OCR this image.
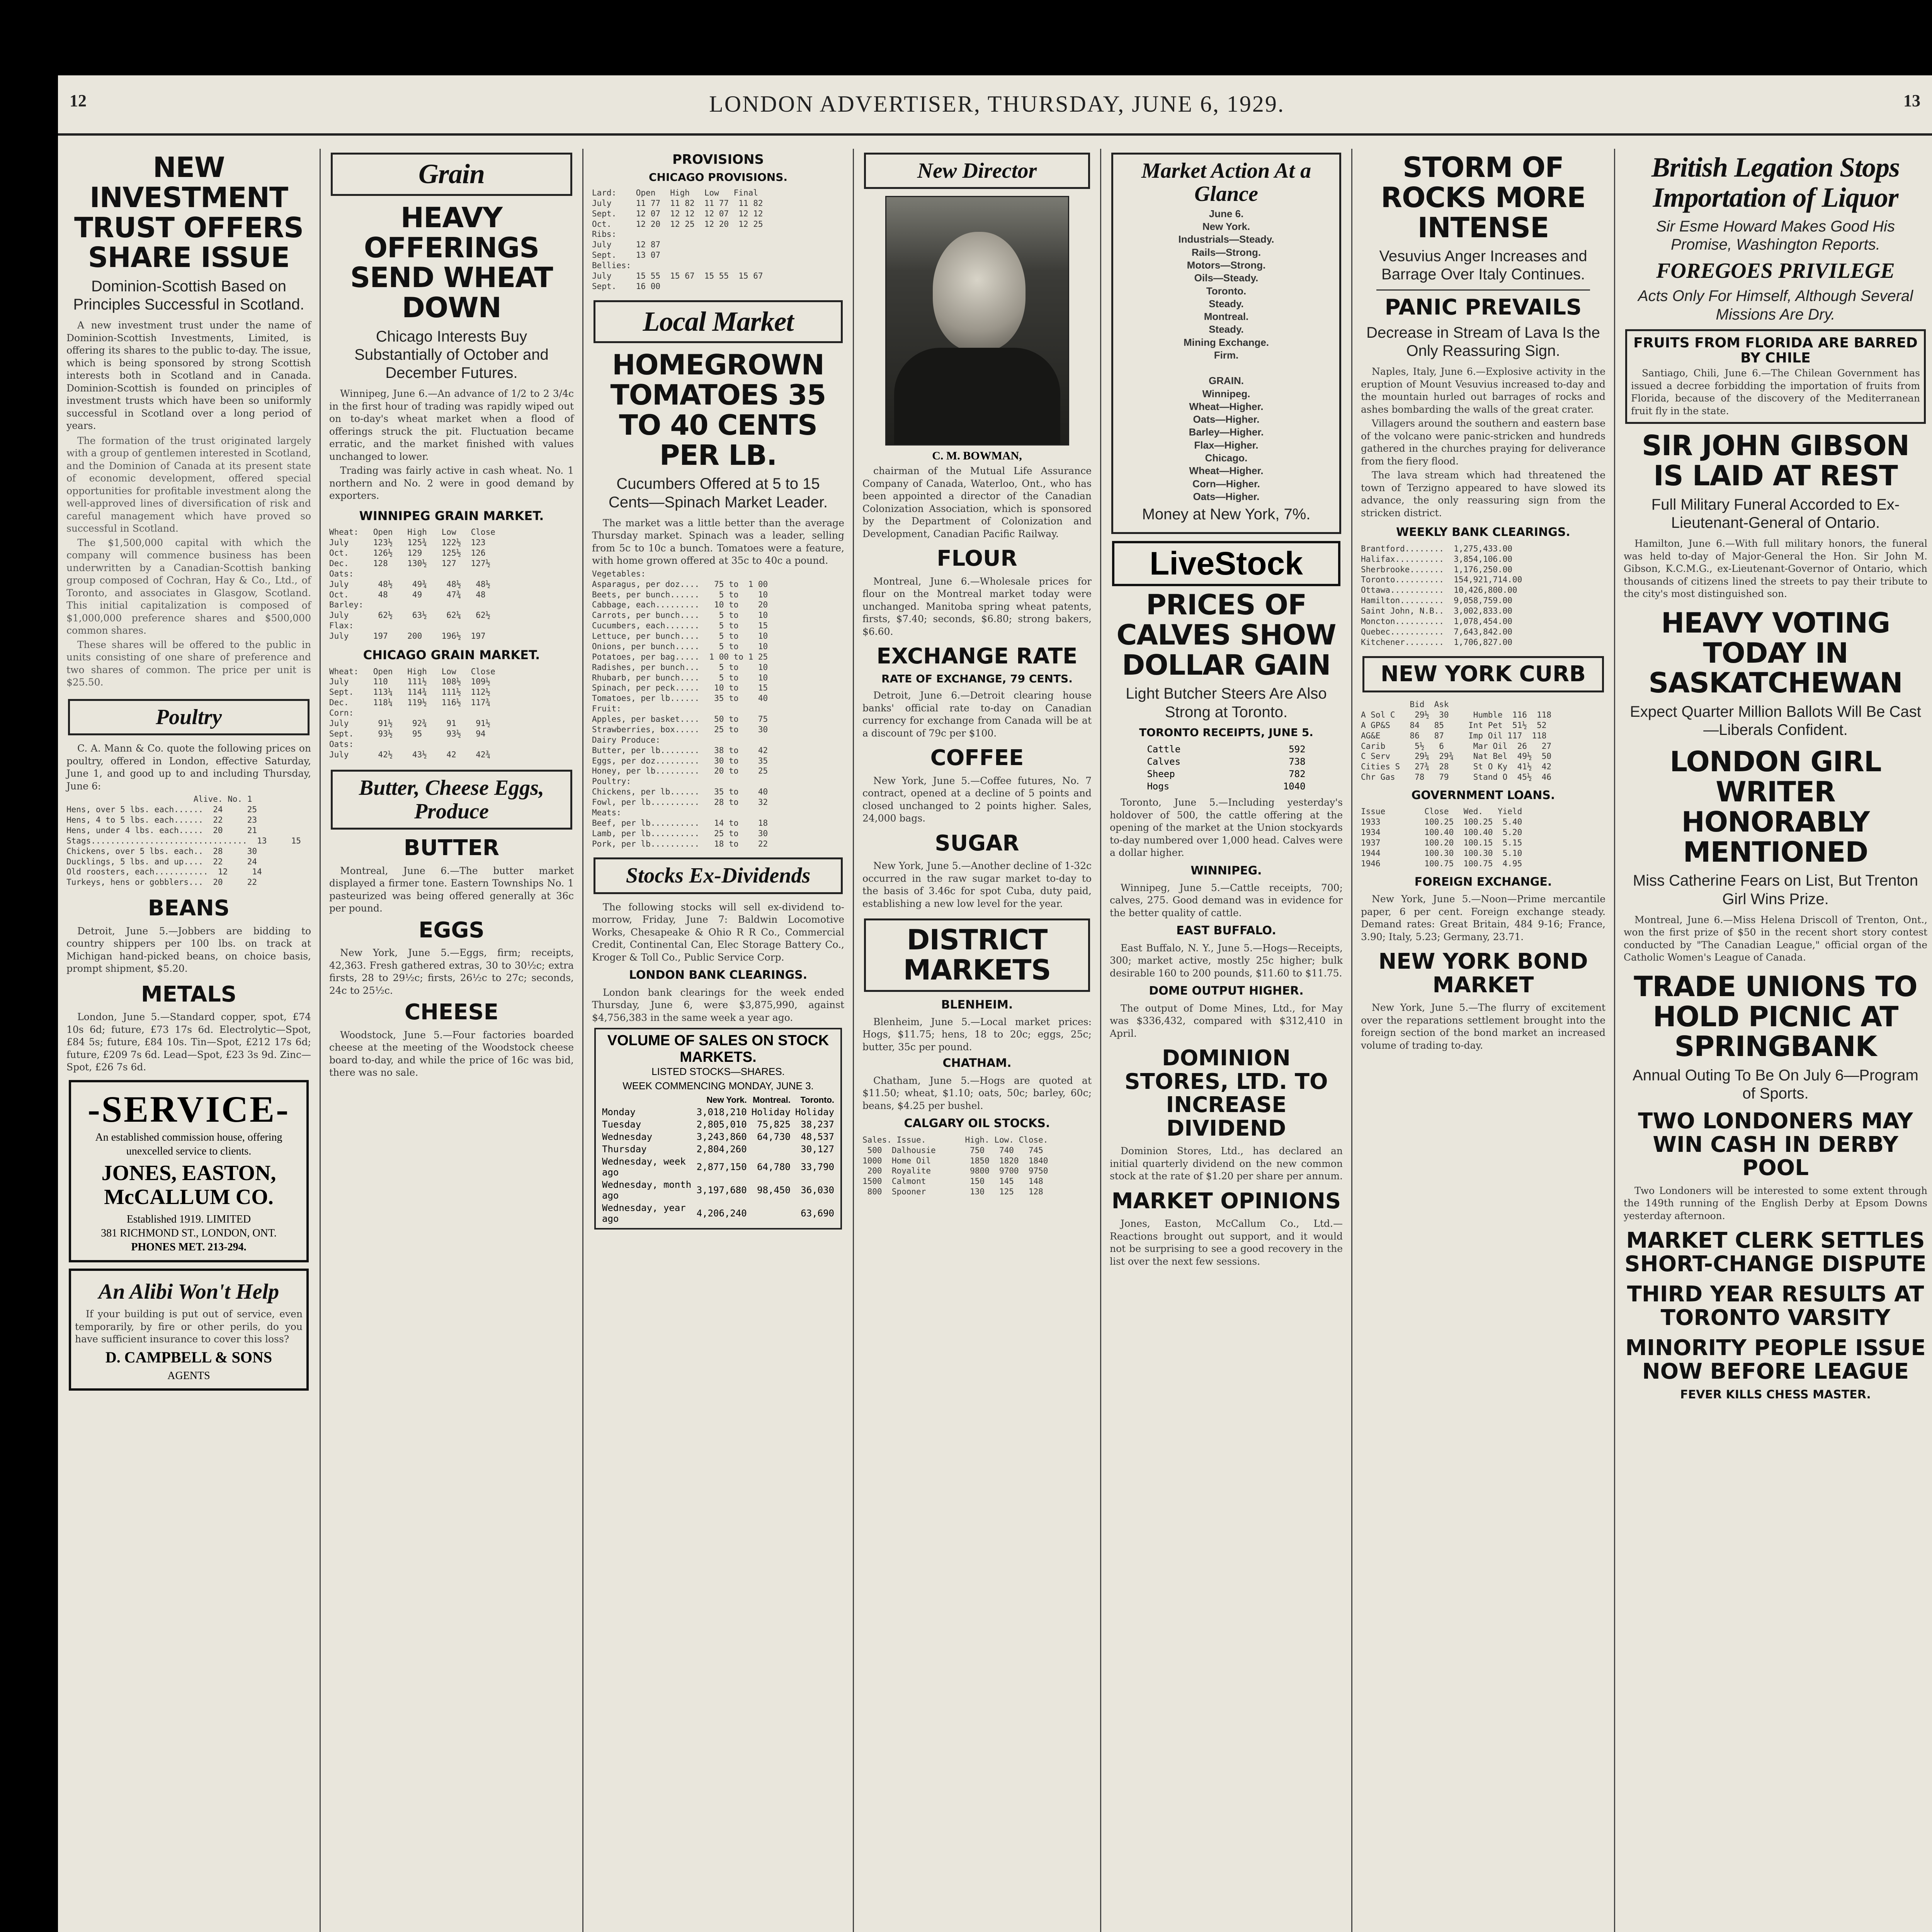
12	LONDON ADVERTISER, THURSDAY, JUNE 6, 1929.	13
NEW INVESTMENT TRUST OFFERS SHARE ISSUE
Dominion-Scottish Based on Principles Successful in Scotland.

A new investment trust under the name of Dominion-Scottish Investments, Limited, is offering its shares to the public to-day. The issue, which is being sponsored by strong Scottish interests both in Scotland and in Canada. Dominion-Scottish is founded on principles of investment trusts which have been so uniformly successful in Scotland over a long period of years.

The formation of the trust originated largely with a group of gentlemen interested in Scotland, and the Dominion of Canada at its present state of economic development, offered special opportunities for profitable investment along the well-approved lines of diversification of risk and careful management which have proved so successful in Scotland.

The $1,500,000 capital with which the company will commence business has been underwritten by a Canadian-Scottish banking group composed of Cochran, Hay & Co., Ltd., of Toronto, and associates in Glasgow, Scotland. This initial capitalization is composed of $1,000,000 preference shares and $500,000 common shares.

These shares will be offered to the public in units consisting of one share of preference and two shares of common. The price per unit is $25.50.

Poultry

C. A. Mann & Co. quote the following prices on poultry, offered in London, effective Saturday, June 1, and good up to and including Thursday, June 6:

Alive. No. 1
Hens, over 5 lbs. each......  24     25
Hens, 4 to 5 lbs. each......  22     23
Hens, under 4 lbs. each.....  20     21
Stags................................  13     15
Chickens, over 5 lbs. each..  28     30
Ducklings, 5 lbs. and up....  22     24
Old roosters, each...........  12     14
Turkeys, hens or gobblers...  20     22
BEANS

Detroit, June 5.—Jobbers are bidding to country shippers per 100 lbs. on track at Michigan hand-picked beans, on choice basis, prompt shipment, $5.20.

METALS

London, June 5.—Standard copper, spot, £74 10s 6d; future, £73 17s 6d. Electrolytic—Spot, £84 5s; future, £84 10s. Tin—Spot, £212 17s 6d; future, £209 7s 6d. Lead—Spot, £23 3s 9d. Zinc—Spot, £26 7s 6d.

-SERVICE-
An established commission house, offering unexcelled service to clients.
JONES, EASTON, McCALLUM CO.
Established 1919. LIMITED
381 RICHMOND ST., LONDON, ONT.
PHONES MET. 213-294.
An Alibi Won't Help

If your building is put out of service, even temporarily, by fire or other perils, do you have sufficient insurance to cover this loss?

D. CAMPBELL & SONS
AGENTS
Grain
HEAVY OFFERINGS SEND WHEAT DOWN
Chicago Interests Buy Substantially of October and December Futures.

Winnipeg, June 6.—An advance of 1/2 to 2 3/4c in the first hour of trading was rapidly wiped out on to-day's wheat market when a flood of offerings struck the pit. Fluctuation became erratic, and the market finished with values unchanged to lower.

Trading was fairly active in cash wheat. No. 1 northern and No. 2 were in good demand by exporters.

WINNIPEG GRAIN MARKET.
Wheat:   Open   High   Low   Close
July     123½   125¾   122½  123
Oct.     126½   129    125½  126
Dec.     128    130½   127   127½
Oats:
July      48½    49¾    48½   48½
Oct.      48     49     47¾   48
Barley:
July      62½    63½    62¼   62½
Flax:
July     197    200    196½  197
CHICAGO GRAIN MARKET.
Wheat:   Open   High   Low   Close
July     110    111½   108½  109½
Sept.    113¼   114¾   111½  112½
Dec.     118¼   119½   116½  117¾
Corn:
July      91½    92¾    91    91½
Sept.     93½    95     93½   94
Oats:
July      42½    43½    42    42¾
Butter, Cheese Eggs, Produce
BUTTER

Montreal, June 6.—The butter market displayed a firmer tone. Eastern Townships No. 1 pasteurized was being offered generally at 36c per pound.

EGGS

New York, June 5.—Eggs, firm; receipts, 42,363. Fresh gathered extras, 30 to 30½c; extra firsts, 28 to 29½c; firsts, 26½c to 27c; seconds, 24c to 25½c.

CHEESE

Woodstock, June 5.—Four factories boarded cheese at the meeting of the Woodstock cheese board to-day, and while the price of 16c was bid, there was no sale.

PROVISIONS
CHICAGO PROVISIONS.
Lard:    Open   High   Low   Final
July     11 77  11 82  11 77  11 82
Sept.    12 07  12 12  12 07  12 12
Oct.     12 20  12 25  12 20  12 25
Ribs:
July     12 87
Sept.    13 07
Bellies:
July     15 55  15 67  15 55  15 67
Sept.    16 00
Local Market
HOMEGROWN TOMATOES 35 TO 40 CENTS PER LB.
Cucumbers Offered at 5 to 15 Cents—Spinach Market Leader.

The market was a little better than the average Thursday market. Spinach was a leader, selling from 5c to 10c a bunch. Tomatoes were a feature, with home grown offered at 35c to 40c a pound.

Vegetables:
Asparagus, per doz....   75 to  1 00
Beets, per bunch......    5 to    10
Cabbage, each.........   10 to    20
Carrots, per bunch....    5 to    10
Cucumbers, each.......    5 to    15
Lettuce, per bunch....    5 to    10
Onions, per bunch.....    5 to    10
Potatoes, per bag.....  1 00 to 1 25
Radishes, per bunch...    5 to    10
Rhubarb, per bunch....    5 to    10
Spinach, per peck.....   10 to    15
Tomatoes, per lb......   35 to    40
Fruit:
Apples, per basket....   50 to    75
Strawberries, box.....   25 to    30
Dairy Produce:
Butter, per lb........   38 to    42
Eggs, per doz.........   30 to    35
Honey, per lb.........   20 to    25
Poultry:
Chickens, per lb......   35 to    40
Fowl, per lb..........   28 to    32
Meats:
Beef, per lb..........   14 to    18
Lamb, per lb..........   25 to    30
Pork, per lb..........   18 to    22
Stocks Ex-Dividends

The following stocks will sell ex-dividend to-morrow, Friday, June 7: Baldwin Locomotive Works, Chesapeake & Ohio R R Co., Commercial Credit, Continental Can, Elec Storage Battery Co., Kroger & Toll Co., Public Service Corp.

LONDON BANK CLEARINGS.

London bank clearings for the week ended Thursday, June 6, were $3,875,990, against $4,756,383 in the same week a year ago.

VOLUME OF SALES ON STOCK MARKETS.
LISTED STOCKS—SHARES.
WEEK COMMENCING MONDAY, JUNE 3.
	New York.	Montreal.	Toronto.
Monday	3,018,210	Holiday	Holiday
Tuesday	2,805,010	75,825	38,237
Wednesday	3,243,860	64,730	48,537
Thursday	2,804,260		30,127
Wednesday, week ago	2,877,150	64,780	33,790
Wednesday, month ago	3,197,680	98,450	36,030
Wednesday, year ago	4,206,240		63,690
New Director
C. M. BOWMAN,

chairman of the Mutual Life Assurance Company of Canada, Waterloo, Ont., who has been appointed a director of the Canadian Colonization Association, which is sponsored by the Department of Colonization and Development, Canadian Pacific Railway.

FLOUR

Montreal, June 6.—Wholesale prices for flour on the Montreal market today were unchanged. Manitoba spring wheat patents, firsts, $7.40; seconds, $6.80; strong bakers, $6.60.

EXCHANGE RATE
RATE OF EXCHANGE, 79 CENTS.

Detroit, June 6.—Detroit clearing house banks' official rate to-day on Canadian currency for exchange from Canada will be at a discount of 79c per $100.

COFFEE

New York, June 5.—Coffee futures, No. 7 contract, opened at a decline of 5 points and closed unchanged to 2 points higher. Sales, 24,000 bags.

SUGAR

New York, June 5.—Another decline of 1-32c occurred in the raw sugar market to-day to the basis of 3.46c for spot Cuba, duty paid, establishing a new low level for the year.

DISTRICT MARKETS
BLENHEIM.

Blenheim, June 5.—Local market prices: Hogs, $11.75; hens, 18 to 20c; eggs, 25c; butter, 35c per pound.

CHATHAM.

Chatham, June 5.—Hogs are quoted at $11.50; wheat, $1.10; oats, 50c; barley, 60c; beans, $4.25 per bushel.

CALGARY OIL STOCKS.
Sales. Issue.        High. Low. Close.
500  Dalhousie       750   740   745
1000  Home Oil        1850  1820  1840
200  Royalite        9800  9700  9750
1500  Calmont         150   145   148
800  Spooner         130   125   128
Market Action At a Glance
June 6.
New York.
Industrials—Steady.
Rails—Strong.
Motors—Strong.
Oils—Steady.
Toronto.
Steady.
Montreal.
Steady.
Mining Exchange.
Firm.

GRAIN.
Winnipeg.
Wheat—Higher.
Oats—Higher.
Barley—Higher.
Flax—Higher.
Chicago.
Wheat—Higher.
Corn—Higher.
Oats—Higher.
Money at New York, 7%.
LiveStock
PRICES OF CALVES SHOW DOLLAR GAIN
Light Butcher Steers Are Also Strong at Toronto.
TORONTO RECEIPTS, JUNE 5.
Cattle	592
Calves	738
Sheep	782
Hogs	1040

Toronto, June 5.—Including yesterday's holdover of 500, the cattle offering at the opening of the market at the Union stockyards to-day numbered over 1,000 head. Calves were a dollar higher.

WINNIPEG.

Winnipeg, June 5.—Cattle receipts, 700; calves, 275. Good demand was in evidence for the better quality of cattle.

EAST BUFFALO.

East Buffalo, N. Y., June 5.—Hogs—Receipts, 300; market active, mostly 25c higher; bulk desirable 160 to 200 pounds, $11.60 to $11.75.

DOME OUTPUT HIGHER.

The output of Dome Mines, Ltd., for May was $336,432, compared with $312,410 in April.

DOMINION STORES, LTD. TO INCREASE DIVIDEND

Dominion Stores, Ltd., has declared an initial quarterly dividend on the new common stock at the rate of $1.20 per share per annum.

MARKET OPINIONS

Jones, Easton, McCallum Co., Ltd.—Reactions brought out support, and it would not be surprising to see a good recovery in the list over the next few sessions.

STORM OF ROCKS MORE INTENSE
Vesuvius Anger Increases and Barrage Over Italy Continues.
PANIC PREVAILS
Decrease in Stream of Lava Is the Only Reassuring Sign.

Naples, Italy, June 6.—Explosive activity in the eruption of Mount Vesuvius increased to-day and the mountain hurled out barrages of rocks and ashes bombarding the walls of the great crater.

Villagers around the southern and eastern base of the volcano were panic-stricken and hundreds gathered in the churches praying for deliverance from the fiery flood.

The lava stream which had threatened the town of Terzigno appeared to have slowed its advance, the only reassuring sign from the stricken district.

WEEKLY BANK CLEARINGS.
Brantford........  1,275,433.00
Halifax..........  3,854,106.00
Sherbrooke.......  1,176,250.00
Toronto..........  154,921,714.00
Ottawa...........  10,426,800.00
Hamilton.........  9,058,759.00
Saint John, N.B..  3,002,833.00
Moncton..........  1,078,454.00
Quebec...........  7,643,842.00
Kitchener........  1,706,827.00
NEW YORK CURB
Bid  Ask
A Sol C    29½  30     Humble  116  118
A GP&S    84   85     Int Pet  51½  52
AG&E      86   87     Imp Oil 117  118
Carib      5½   6      Mar Oil  26   27
C Serv     29¼  29¾    Nat Bel  49½  50
Cities S   27¾  28     St O Ky  41½  42
Chr Gas    78   79     Stand O  45½  46
GOVERNMENT LOANS.
Issue        Close   Wed.   Yield
1933         100.25  100.25  5.40
1934         100.40  100.40  5.20
1937         100.20  100.15  5.15
1944         100.30  100.30  5.10
1946         100.75  100.75  4.95
FOREIGN EXCHANGE.

New York, June 5.—Noon—Prime mercantile paper, 6 per cent. Foreign exchange steady. Demand rates: Great Britain, 484 9-16; France, 3.90; Italy, 5.23; Germany, 23.71.

NEW YORK BOND MARKET

New York, June 5.—The flurry of excitement over the reparations settlement brought into the foreign section of the bond market an increased volume of trading to-day.

British Legation Stops Importation of Liquor
Sir Esme Howard Makes Good His Promise, Washington Reports.
FOREGOES PRIVILEGE
Acts Only For Himself, Although Several Missions Are Dry.
FRUITS FROM FLORIDA ARE BARRED BY CHILE

Santiago, Chili, June 6.—The Chilean Government has issued a decree forbidding the importation of fruits from Florida, because of the discovery of the Mediterranean fruit fly in the state.

SIR JOHN GIBSON IS LAID AT REST
Full Military Funeral Accorded to Ex-Lieutenant-General of Ontario.

Hamilton, June 6.—With full military honors, the funeral was held to-day of Major-General the Hon. Sir John M. Gibson, K.C.M.G., ex-Lieutenant-Governor of Ontario, which thousands of citizens lined the streets to pay their tribute to the city's most distinguished son.

HEAVY VOTING TODAY IN SASKATCHEWAN
Expect Quarter Million Ballots Will Be Cast—Liberals Confident.
LONDON GIRL WRITER HONORABLY MENTIONED
Miss Catherine Fears on List, But Trenton Girl Wins Prize.

Montreal, June 6.—Miss Helena Driscoll of Trenton, Ont., won the first prize of $50 in the recent short story contest conducted by "The Canadian League," official organ of the Catholic Women's League of Canada.

TRADE UNIONS TO HOLD PICNIC AT SPRINGBANK
Annual Outing To Be On July 6—Program of Sports.
TWO LONDONERS MAY WIN CASH IN DERBY POOL

Two Londoners will be interested to some extent through the 149th running of the English Derby at Epsom Downs yesterday afternoon.

MARKET CLERK SETTLES SHORT-CHANGE DISPUTE
THIRD YEAR RESULTS AT TORONTO VARSITY
MINORITY PEOPLE ISSUE NOW BEFORE LEAGUE
FEVER KILLS CHESS MASTER.
